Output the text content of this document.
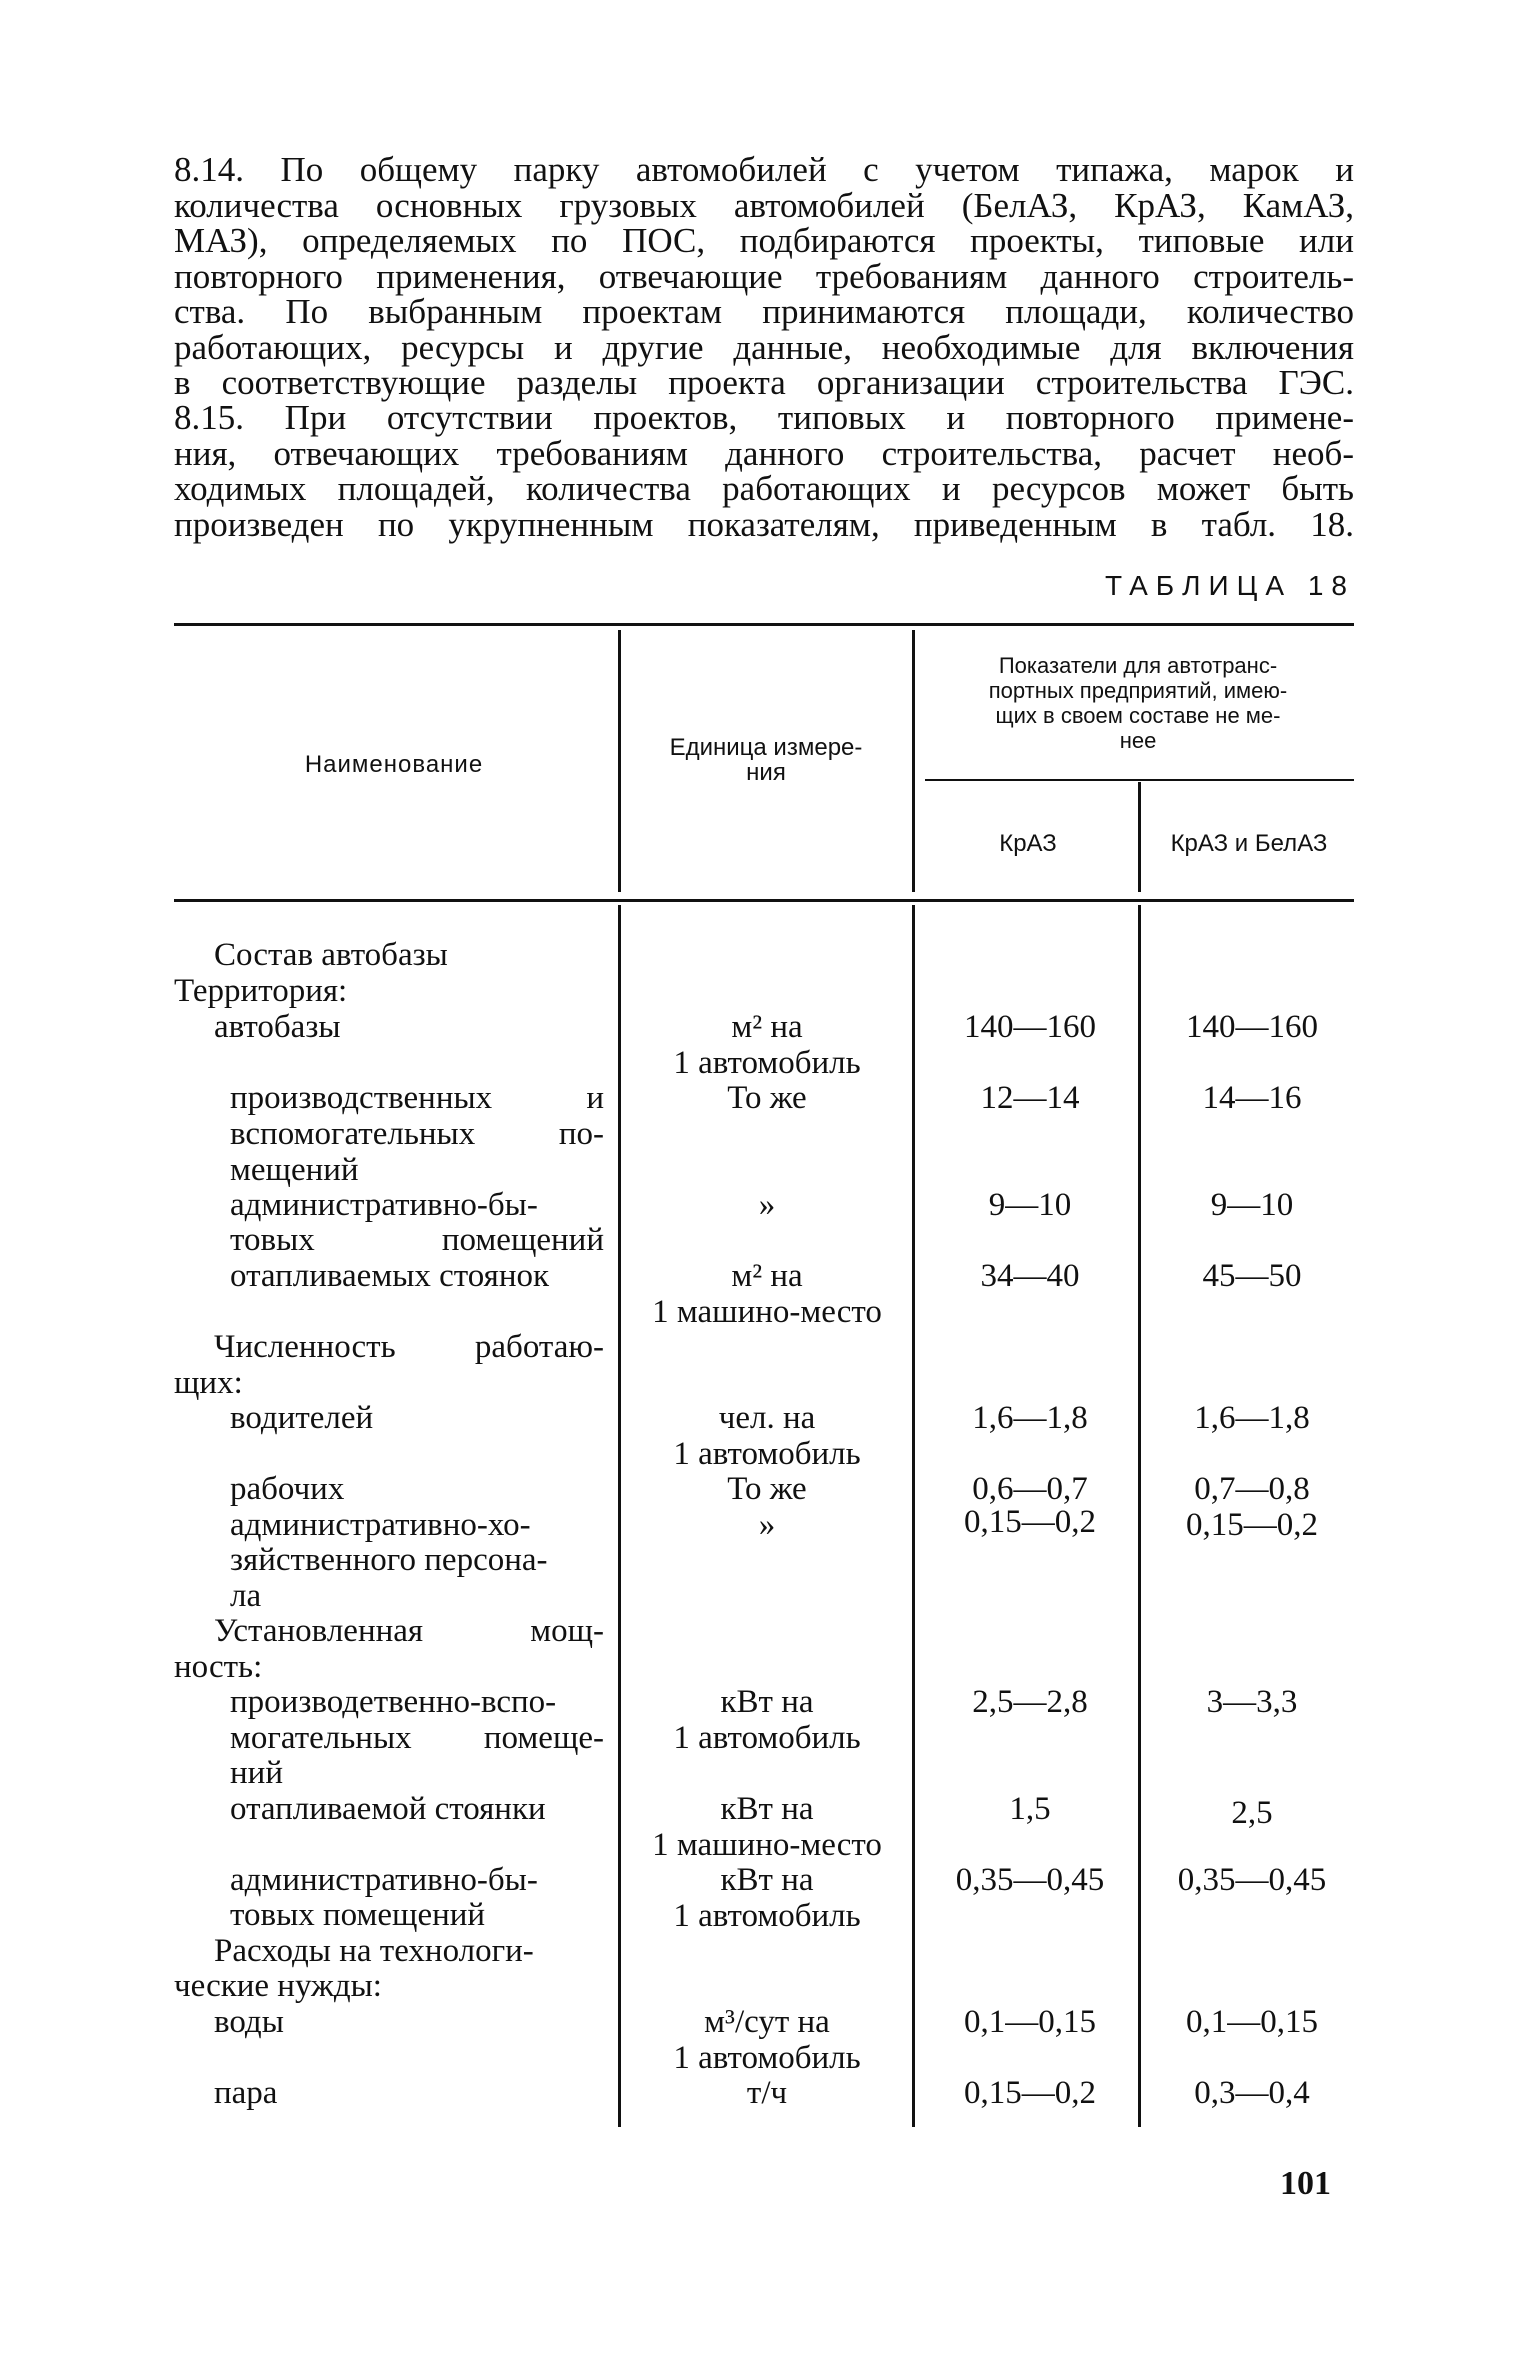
8.14. По общему парку автомобилей с учетом типажа, марок и
количества основных грузовых автомобилей (БелАЗ, КрАЗ, КамАЗ,
МАЗ), определяемых по ПОС, подбираются проекты, типовые или
повторного применения, отвечающие требованиям данного строитель-
ства. По выбранным проектам принимаются площади, количество
работающих, ресурсы и другие данные, необходимые для включения
в соответствующие разделы проекта организации строительства ГЭС.
8.15. При отсутствии проектов, типовых и повторного примене-
ния, отвечающих требованиям данного строительства, расчет необ-
ходимых площадей, количества работающих и ресурсов может быть
произведен по укрупненным показателям, приведенным в табл. 18.
ТАБЛИЦА 18
Наименование
Единица измере-
ния
Показатели для автотранс-
портных предприятий, имею-
щих в своем составе не ме-
нее
КрАЗ	КрАЗ и БелАЗ
Состав автобазы
Территория:
автобазы
производственных и
вспомогательных по-
мещений
административно-бы-
товых помещений
отапливаемых стоянок
Численность работаю-
щих:
водителей
рабочих
административно-хо-
зяйственного персона-
ла
Установленная мощ-
ность:
производетвенно-вспо-
могательных помеще-
ний
отапливаемой стоянки
административно-бы-
товых помещений
Расходы на технологи-
ческие нужды:
воды
пара
м² на
1 автомобиль
То же
»
м² на
1 машино-место
чел. на
1 автомобиль
То же
»
кВт на
1 автомобиль
кВт на
1 машино-место
кВт на
1 автомобиль
м³/сут на
1 автомобиль
т/ч
140—160
12—14
9—10
34—40
1,6—1,8
0,6—0,7
0,15—0,2
2,5—2,8
1,5
0,35—0,45
0,1—0,15
0,15—0,2
140—160
14—16
9—10
45—50
1,6—1,8
0,7—0,8
0,15—0,2
3—3,3
2,5
0,35—0,45
0,1—0,15
0,3—0,4
101
